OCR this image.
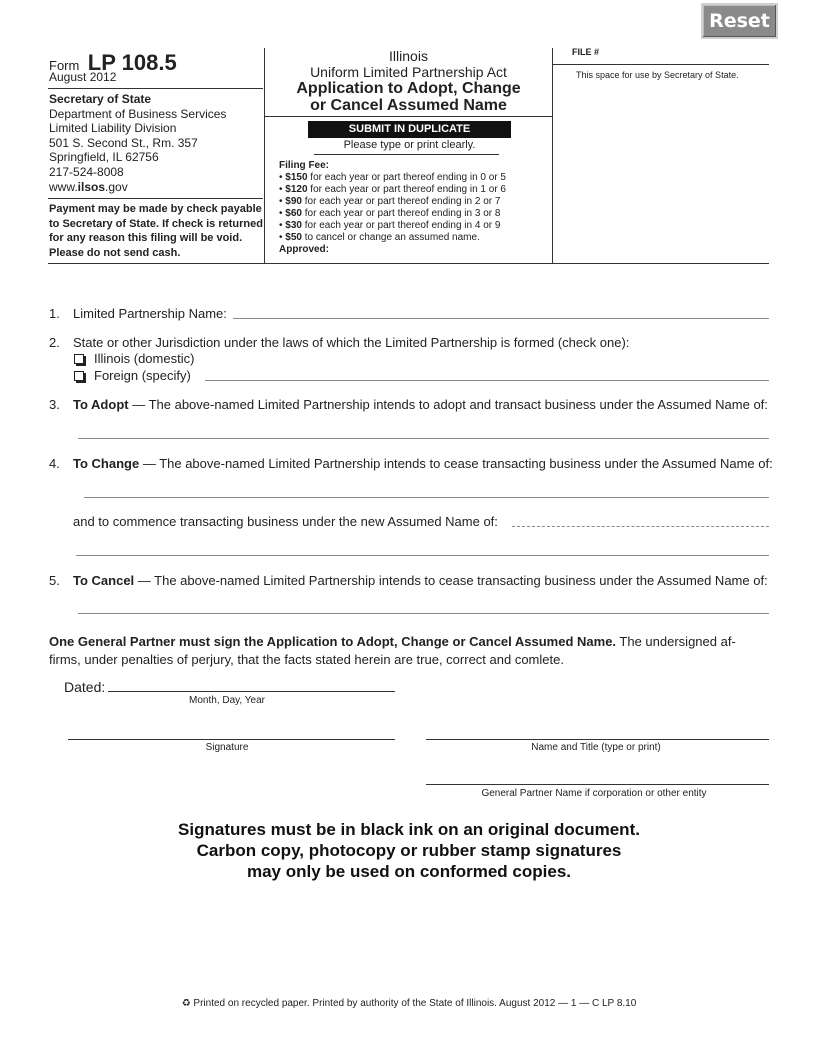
Reset
Form LP 108.5
August 2012
Secretary of State
Department of Business Services
Limited Liability Division
501 S. Second St., Rm. 357
Springfield, IL 62756
217-524-8008
www.ilsos.gov
Payment may be made by check payable to Secretary of State. If check is returned for any reason this filing will be void. Please do not send cash.
Illinois
Uniform Limited Partnership Act
Application to Adopt, Change
or Cancel Assumed Name
SUBMIT IN DUPLICATE
Please type or print clearly.
Filing Fee:
• $150 for each year or part thereof ending in 0 or 5
• $120 for each year or part thereof ending in 1 or 6
• $90 for each year or part thereof ending in 2 or 7
• $60 for each year or part thereof ending in 3 or 8
• $30 for each year or part thereof ending in 4 or 9
• $50 to cancel or change an assumed name.
Approved:
FILE #
This space for use by Secretary of State.
1. Limited Partnership Name:
2. State or other Jurisdiction under the laws of which the Limited Partnership is formed (check one):
Illinois (domestic)
Foreign (specify)
3. To Adopt — The above-named Limited Partnership intends to adopt and transact business under the Assumed Name of:
4. To Change — The above-named Limited Partnership intends to cease transacting business under the Assumed Name of:
and to commence transacting business under the new Assumed Name of:
5. To Cancel — The above-named Limited Partnership intends to cease transacting business under the Assumed Name of:
One General Partner must sign the Application to Adopt, Change or Cancel Assumed Name. The undersigned af-
firms, under penalties of perjury, that the facts stated herein are true, correct and comlete.
Dated:
Month, Day, Year
Signature	Name and Title (type or print)
General Partner Name if corporation or other entity
Signatures must be in black ink on an original document.
Carbon copy, photocopy or rubber stamp signatures
may only be used on conformed copies.
♻ Printed on recycled paper. Printed by authority of the State of Illinois. August 2012 — 1 — C LP 8.10
